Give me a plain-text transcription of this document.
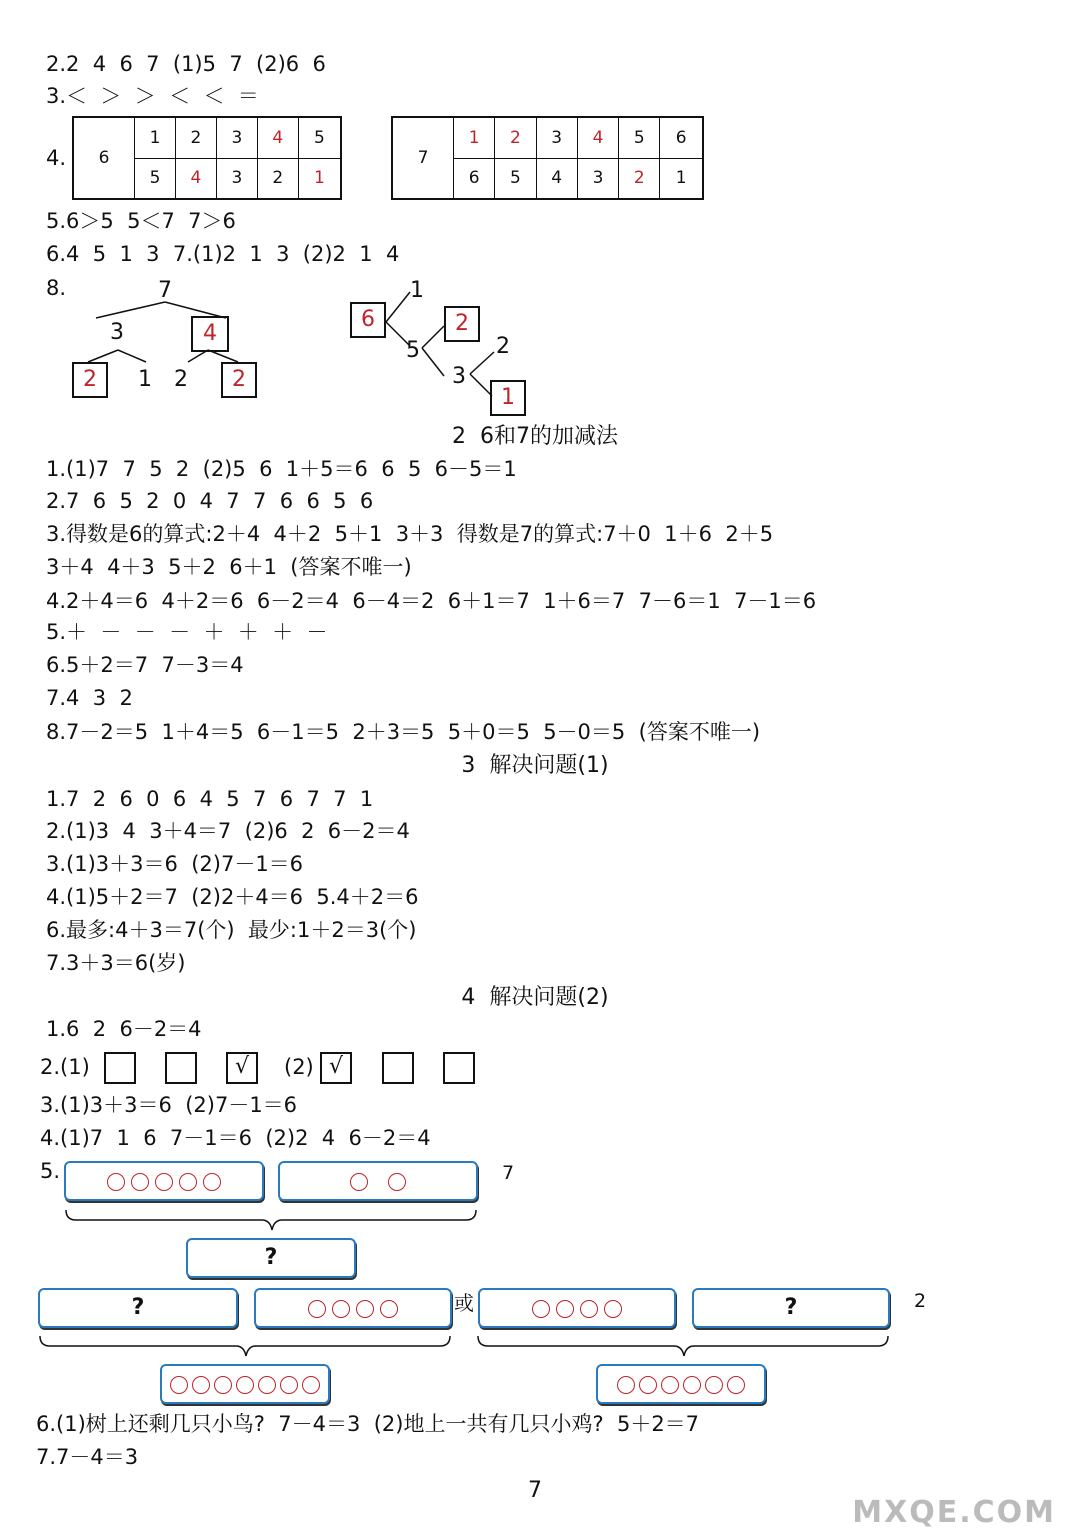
2.2  4  6  7  (1)5  7  (2)6  6
3.＜  ＞  ＞  ＜  ＜  ＝
4. 6	1	2	3	4	5
	5	4	3	2	1
7	1	2	3	4	5	6
	6	5	4	3	2	1
5.6＞5  5＜7  7＞6
6.4  5  1  3  7.(1)2  1  3  (2)2  1  4
8.	7
3	4
2	1 2	2
6
1
5
2
2
3
1
2  6和7的加减法
1.(1)7  7  5  2  (2)5  6  1＋5＝6  6  5  6－5＝1
2.7  6  5  2  0  4  7  7  6  6  5  6
3.得数是6的算式:2＋4  4＋2  5＋1  3＋3  得数是7的算式:7＋0  1＋6  2＋5
3＋4  4＋3  5＋2  6＋1  (答案不唯一)
4.2＋4＝6  4＋2＝6  6－2＝4  6－4＝2  6＋1＝7  1＋6＝7  7－6＝1  7－1＝6
5.＋  －  －  －  ＋  ＋  ＋  －
6.5＋2＝7  7－3＝4
7.4  3  2
8.7－2＝5  1＋4＝5  6－1＝5  2＋3＝5  5＋0＝5  5－0＝5  (答案不唯一)
3  解决问题(1)
1.7  2  6  0  6  4  5  7  6  7  7  1
2.(1)3  4  3＋4＝7  (2)6  2  6－2＝4
3.(1)3＋3＝6  (2)7－1＝6
4.(1)5＋2＝7  (2)2＋4＝6  5.4＋2＝6
6.最多:4＋3＝7(个)  最少:1＋2＝3(个)
7.3＋3＝6(岁)
4  解决问题(2)
1.6  2  6－2＝4
2.(1)	√	(2) √
3.(1)3＋3＝6  (2)7－1＝6
4.(1)7  1  6  7－1＝6  (2)2  4  6－2＝4
5.	7
?
?	或	?	2
6.(1)树上还剩几只小鸟?  7－4＝3  (2)地上一共有几只小鸡?  5＋2＝7
7.7－4＝3
7
MXQE.COM
